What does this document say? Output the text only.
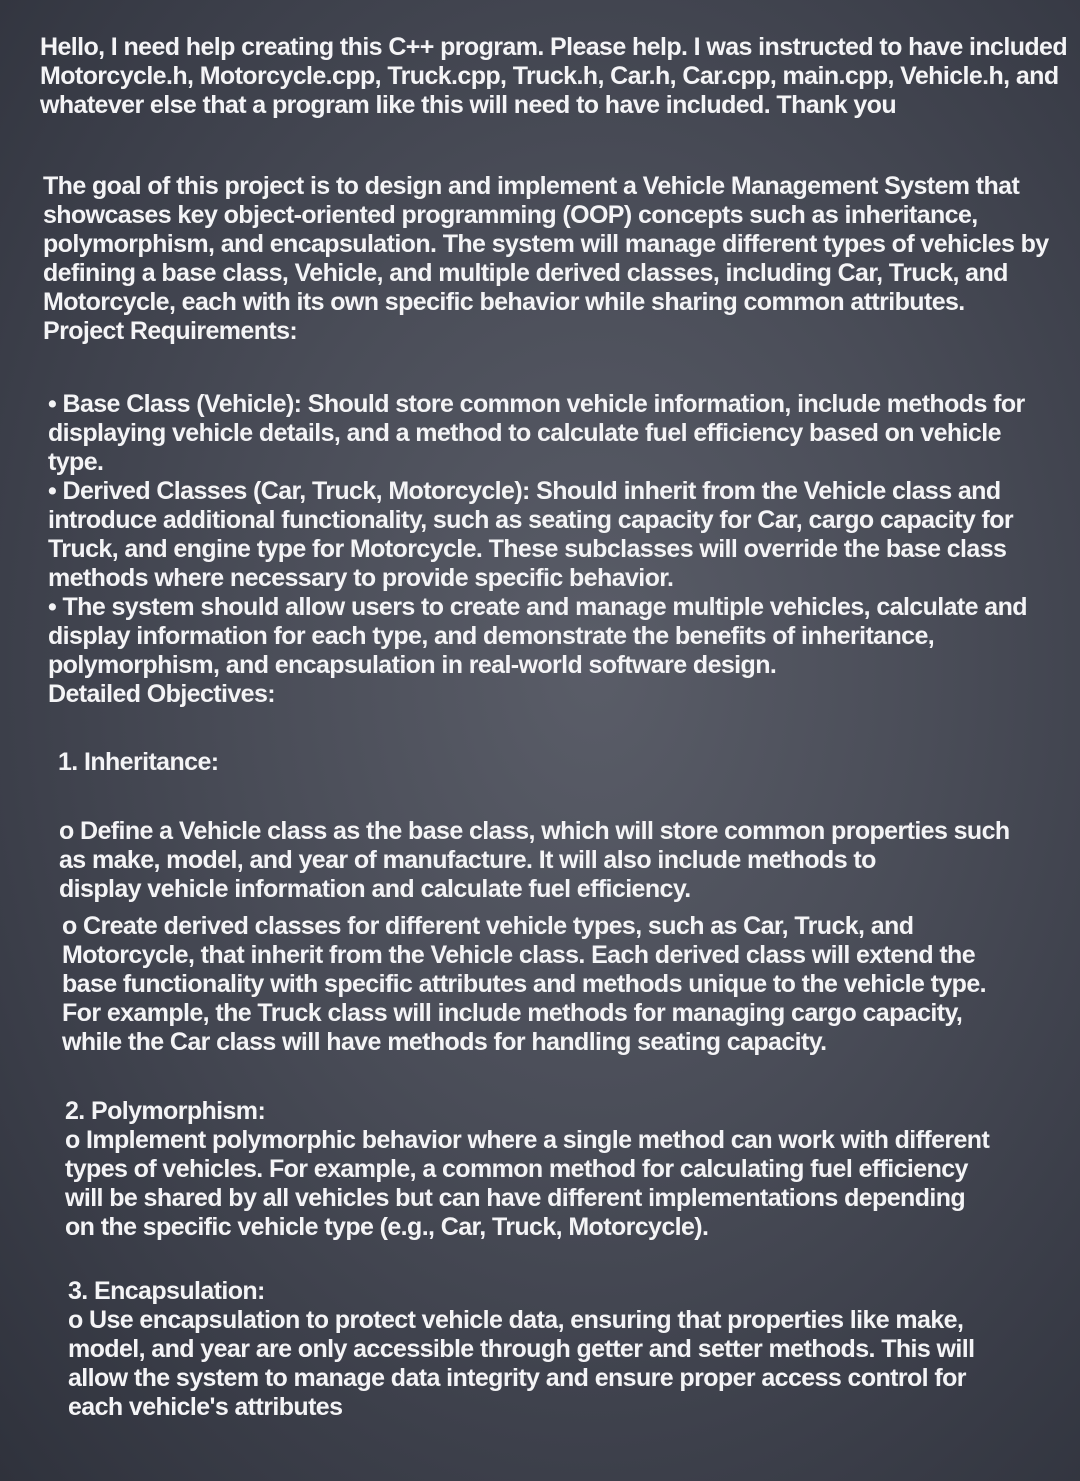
Hello, I need help creating this C++ program. Please help. I was instructed to have included
Motorcycle.h, Motorcycle.cpp, Truck.cpp, Truck.h, Car.h, Car.cpp, main.cpp, Vehicle.h, and
whatever else that a program like this will need to have included. Thank you
The goal of this project is to design and implement a Vehicle Management System that
showcases key object-oriented programming (OOP) concepts such as inheritance,
polymorphism, and encapsulation. The system will manage different types of vehicles by
defining a base class, Vehicle, and multiple derived classes, including Car, Truck, and
Motorcycle, each with its own specific behavior while sharing common attributes.
Project Requirements:
• Base Class (Vehicle): Should store common vehicle information, include methods for
displaying vehicle details, and a method to calculate fuel efficiency based on vehicle
type.
• Derived Classes (Car, Truck, Motorcycle): Should inherit from the Vehicle class and
introduce additional functionality, such as seating capacity for Car, cargo capacity for
Truck, and engine type for Motorcycle. These subclasses will override the base class
methods where necessary to provide specific behavior.
• The system should allow users to create and manage multiple vehicles, calculate and
display information for each type, and demonstrate the benefits of inheritance,
polymorphism, and encapsulation in real-world software design.
Detailed Objectives:
1. Inheritance:
o Define a Vehicle class as the base class, which will store common properties such
as make, model, and year of manufacture. It will also include methods to
display vehicle information and calculate fuel efficiency.
o Create derived classes for different vehicle types, such as Car, Truck, and
Motorcycle, that inherit from the Vehicle class. Each derived class will extend the
base functionality with specific attributes and methods unique to the vehicle type.
For example, the Truck class will include methods for managing cargo capacity,
while the Car class will have methods for handling seating capacity.
2. Polymorphism:
o Implement polymorphic behavior where a single method can work with different
types of vehicles. For example, a common method for calculating fuel efficiency
will be shared by all vehicles but can have different implementations depending
on the specific vehicle type (e.g., Car, Truck, Motorcycle).
3. Encapsulation:
o Use encapsulation to protect vehicle data, ensuring that properties like make,
model, and year are only accessible through getter and setter methods. This will
allow the system to manage data integrity and ensure proper access control for
each vehicle's attributes
